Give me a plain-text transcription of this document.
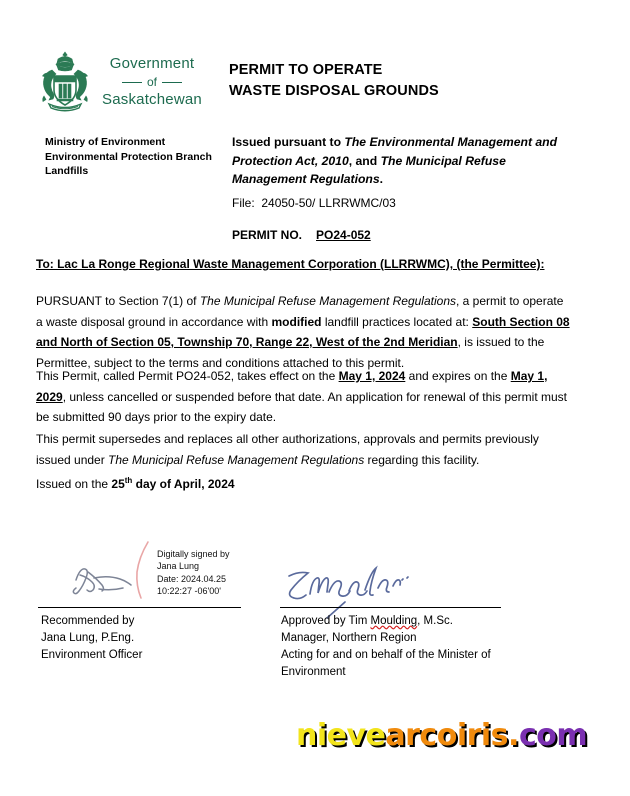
Government
of
Saskatchewan
PERMIT TO OPERATE
WASTE DISPOSAL GROUNDS
Ministry of Environment
Environmental Protection Branch
Landfills
Issued pursuant to The Environmental Management and Protection Act, 2010, and The Municipal Refuse Management Regulations.
File: 24050-50/ LLRRWMC/03
PERMIT NO. PO24-052
To: Lac La Ronge Regional Waste Management Corporation (LLRRWMC), (the Permittee):
PURSUANT to Section 7(1) of The Municipal Refuse Management Regulations, a permit to operate a waste disposal ground in accordance with modified landfill practices located at: South Section 08 and North of Section 05, Township 70, Range 22, West of the 2nd Meridian, is issued to the Permittee, subject to the terms and conditions attached to this permit.
This Permit, called Permit PO24-052, takes effect on the May 1, 2024 and expires on the May 1, 2029, unless cancelled or suspended before that date. An application for renewal of this permit must be submitted 90 days prior to the expiry date.
This permit supersedes and replaces all other authorizations, approvals and permits previously issued under The Municipal Refuse Management Regulations regarding this facility.
Issued on the 25th day of April, 2024
Digitally signed by
Jana Lung
Date: 2024.04.25
10:22:27 -06'00'
Recommended by
Jana Lung, P.Eng.
Environment Officer
Approved by Tim Moulding, M.Sc.
Manager, Northern Region
Acting for and on behalf of the Minister of
Environment
nievearcoiris.com
